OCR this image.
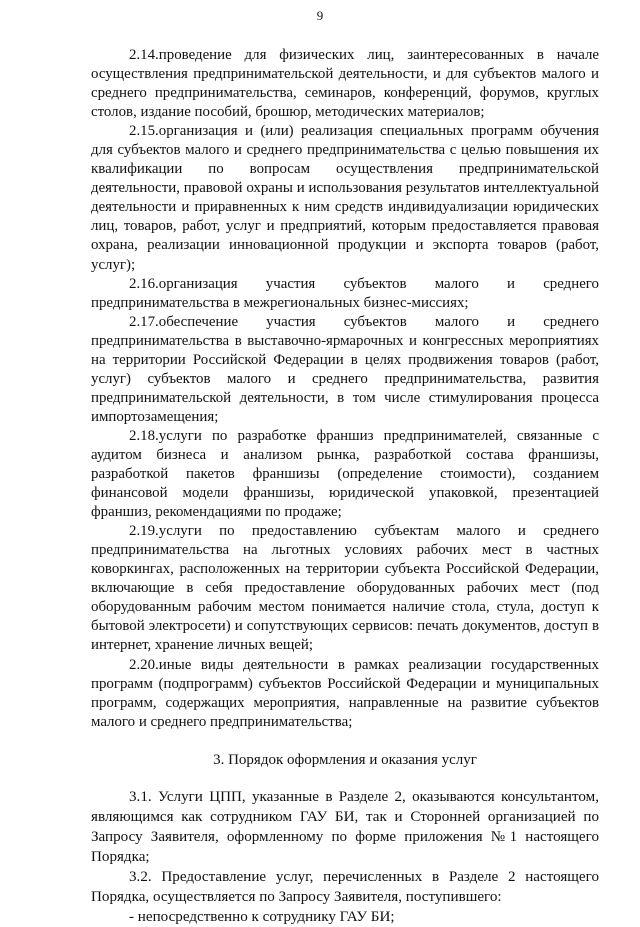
9

2.14.проведение для физических лиц, заинтересованных в начале осуществления предпринимательской деятельности, и для субъектов малого и среднего предпринимательства, семинаров, конференций, форумов, круглых столов, издание пособий, брошюр, методических материалов;

2.15.организация и (или) реализация специальных программ обучения для субъектов малого и среднего предпринимательства с целью повышения их квалификации по вопросам осуществления предпринимательской деятельности, правовой охраны и использования результатов интеллектуальной деятельности и приравненных к ним средств индивидуализации юридических лиц, товаров, работ, услуг и предприятий, которым предоставляется правовая охрана, реализации инновационной продукции и экспорта товаров (работ, услуг);

2.16.организация участия субъектов малого и среднего предпринимательства в межрегиональных бизнес-миссиях;

2.17.обеспечение участия субъектов малого и среднего предпринимательства в выставочно-ярмарочных и конгрессных мероприятиях на территории Российской Федерации в целях продвижения товаров (работ, услуг) субъектов малого и среднего предпринимательства, развития предпринимательской деятельности, в том числе стимулирования процесса импортозамещения;

2.18.услуги по разработке франшиз предпринимателей, связанные с аудитом бизнеса и анализом рынка, разработкой состава франшизы, разработкой пакетов франшизы (определение стоимости), созданием финансовой модели франшизы, юридической упаковкой, презентацией франшиз, рекомендациями по продаже;

2.19.услуги по предоставлению субъектам малого и среднего предпринимательства на льготных условиях рабочих мест в частных коворкингах, расположенных на территории субъекта Российской Федерации, включающие в себя предоставление оборудованных рабочих мест (под оборудованным рабочим местом понимается наличие стола, стула, доступ к бытовой электросети) и сопутствующих сервисов: печать документов, доступ в интернет, хранение личных вещей;

2.20.иные виды деятельности в рамках реализации государственных программ (подпрограмм) субъектов Российской Федерации и муниципальных программ, содержащих мероприятия, направленные на развитие субъектов малого и среднего предпринимательства;

3. Порядок оформления и оказания услуг

3.1. Услуги ЦПП, указанные в Разделе 2, оказываются консультантом, являющимся как сотрудником ГАУ БИ, так и Сторонней организацией по Запросу Заявителя, оформленному по форме приложения №1 настоящего Порядка;

3.2. Предоставление услуг, перечисленных в Разделе 2 настоящего Порядка, осуществляется по Запросу Заявителя, поступившего:

- непосредственно к сотруднику ГАУ БИ;
